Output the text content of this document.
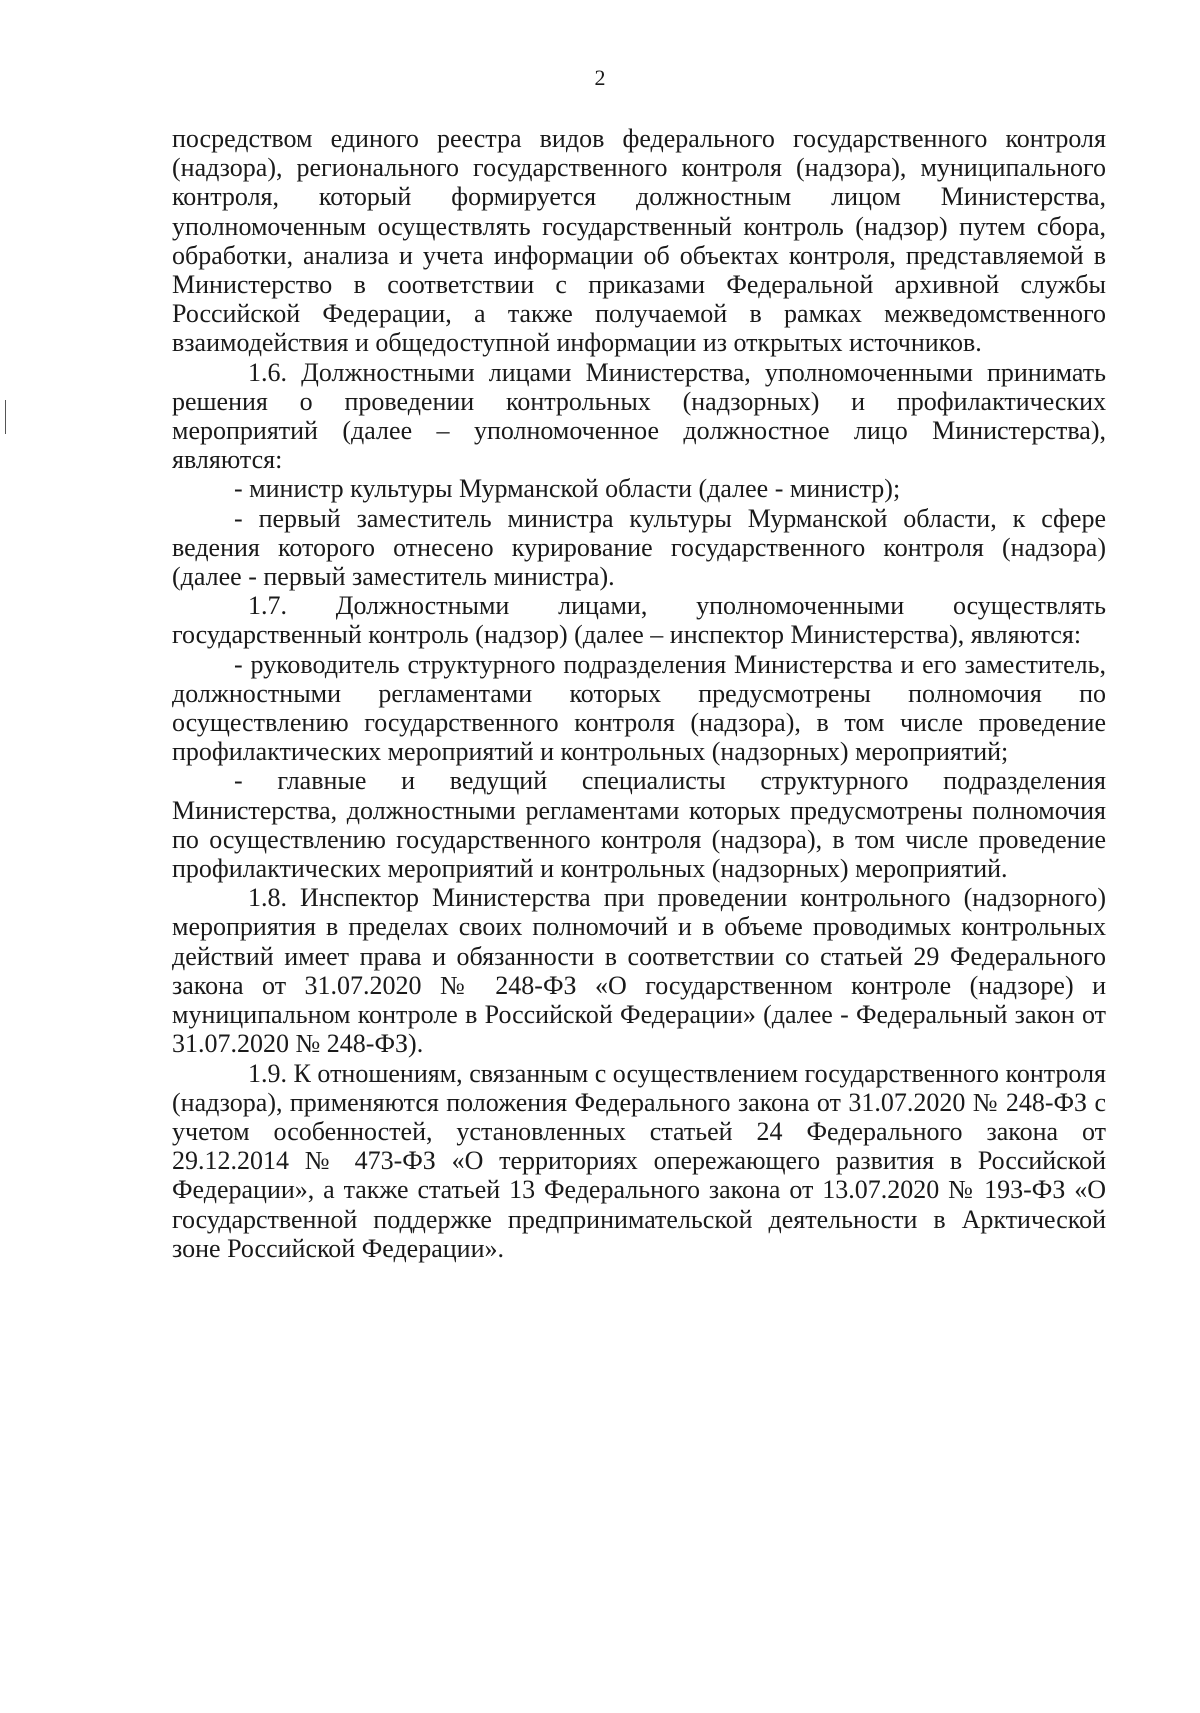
2

посредством единого реестра видов федерального государственного контроля (надзора), регионального государственного контроля (надзора), муниципального контроля, который формируется должностным лицом Министерства, уполномоченным осуществлять государственный контроль (надзор) путем сбора, обработки, анализа и учета информации об объектах контроля, представляемой в Министерство в соответствии с приказами Федеральной архивной службы Российской Федерации, а также получаемой в рамках межведомственного взаимодействия и общедоступной информации из открытых источников.

1.6. Должностными лицами Министерства, уполномоченными принимать решения о проведении контрольных (надзорных) и профилактических мероприятий (далее – уполномоченное должностное лицо Министерства), являются:

- министр культуры Мурманской области (далее - министр);

- первый заместитель министра культуры Мурманской области, к сфере ведения которого отнесено курирование государственного контроля (надзора) (далее - первый заместитель министра).

1.7. Должностными лицами, уполномоченными осуществлять государственный контроль (надзор) (далее – инспектор Министерства), являются:

- руководитель структурного подразделения Министерства и его заместитель, должностными регламентами которых предусмотрены полномочия по осуществлению государственного контроля (надзора), в том числе проведение профилактических мероприятий и контрольных (надзорных) мероприятий;

- главные и ведущий специалисты структурного подразделения Министерства, должностными регламентами которых предусмотрены полномочия по осуществлению государственного контроля (надзора), в том числе проведение профилактических мероприятий и контрольных (надзорных) мероприятий.

1.8. Инспектор Министерства при проведении контрольного (надзорного) мероприятия в пределах своих полномочий и в объеме проводимых контрольных действий имеет права и обязанности в соответствии со статьей 29 Федерального закона от 31.07.2020 № 248-ФЗ «О государственном контроле (надзоре) и муниципальном контроле в Российской Федерации» (далее - Федеральный закон от 31.07.2020 № 248-ФЗ).

1.9. К отношениям, связанным с осуществлением государственного контроля (надзора), применяются положения Федерального закона от 31.07.2020 № 248-ФЗ с учетом особенностей, установленных статьей 24 Федерального закона от 29.12.2014 № 473-ФЗ «О территориях опережающего развития в Российской Федерации», а также статьей 13 Федерального закона от 13.07.2020 № 193-ФЗ «О государственной поддержке предпринимательской деятельности в Арктической зоне Российской Федерации».
